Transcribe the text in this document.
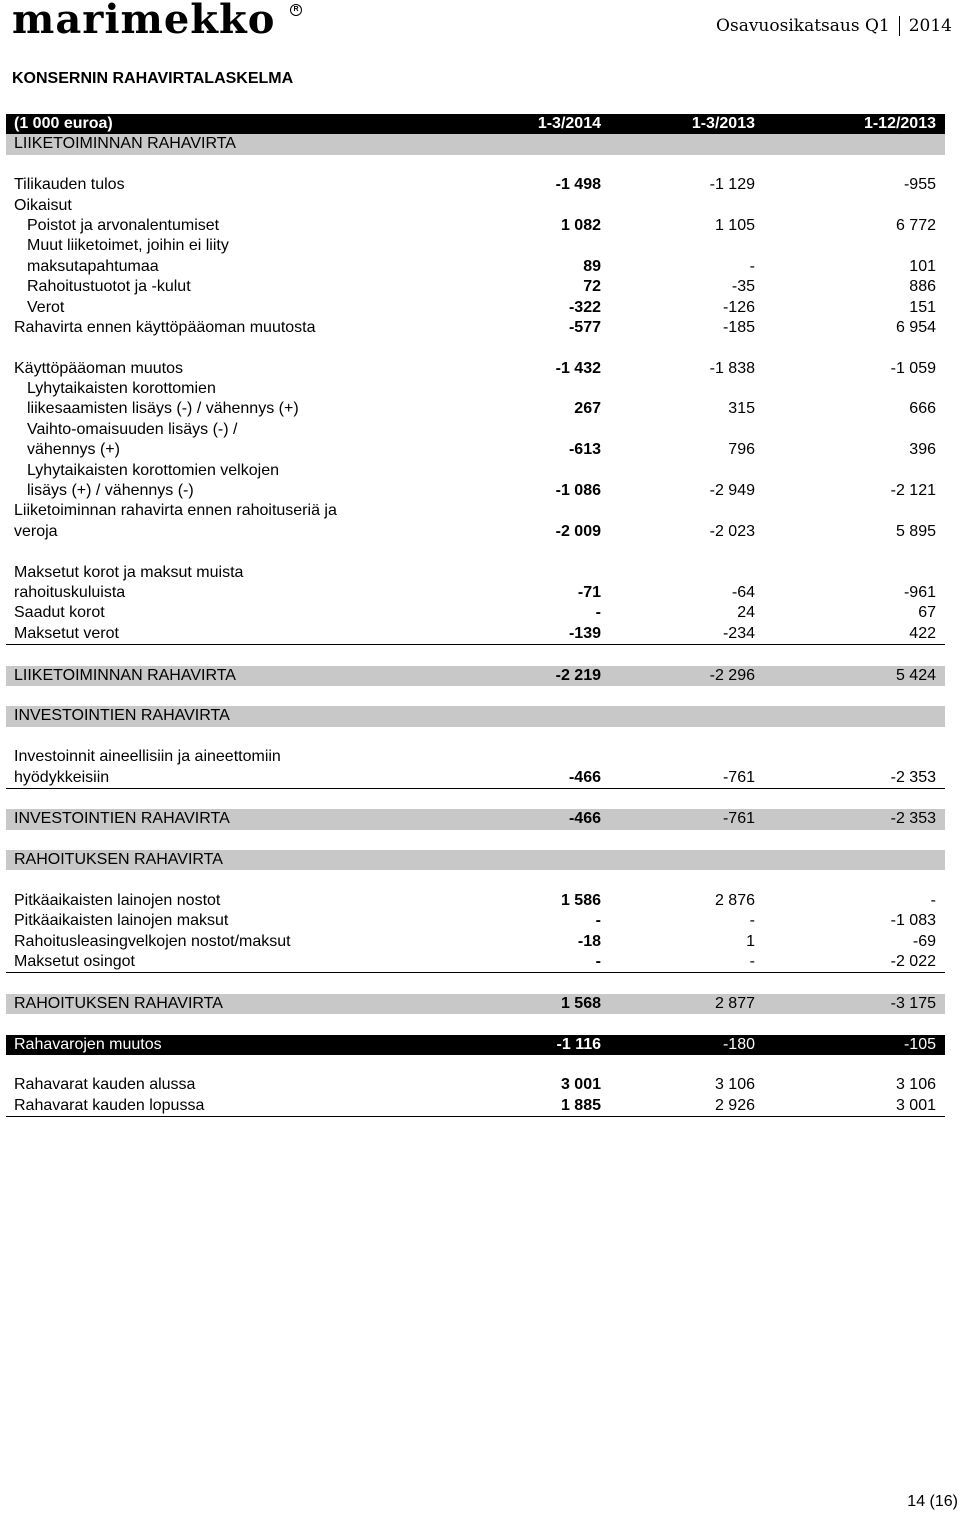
marimekko	R
Osavuosikatsaus Q1 2014
KONSERNIN RAHAVIRTALASKELMA
(1 000 euroa)	1-3/2014	1-3/2013	1-12/2013
LIIKETOIMINNAN RAHAVIRTA
Tilikauden tulos	-1 498	-1 129	-955
Oikaisut
Poistot ja arvonalentumiset	1 082	1 105	6 772
Muut liiketoimet, joihin ei liity
maksutapahtumaa	89	-	101
Rahoitustuotot ja -kulut	72	-35	886
Verot	-322	-126	151
Rahavirta ennen käyttöpääoman muutosta	-577	-185	6 954
Käyttöpääoman muutos	-1 432	-1 838	-1 059
Lyhytaikaisten korottomien
liikesaamisten lisäys (-) / vähennys (+)	267	315	666
Vaihto-omaisuuden lisäys (-) /
vähennys (+)	-613	796	396
Lyhytaikaisten korottomien velkojen
lisäys (+) / vähennys (-)	-1 086	-2 949	-2 121
Liiketoiminnan rahavirta ennen rahoituseriä ja
veroja	-2 009	-2 023	5 895
Maksetut korot ja maksut muista
rahoituskuluista	-71	-64	-961
Saadut korot	-	24	67
Maksetut verot	-139	-234	422
LIIKETOIMINNAN RAHAVIRTA	-2 219	-2 296	5 424
INVESTOINTIEN RAHAVIRTA
Investoinnit aineellisiin ja aineettomiin
hyödykkeisiin	-466	-761	-2 353
INVESTOINTIEN RAHAVIRTA	-466	-761	-2 353
RAHOITUKSEN RAHAVIRTA
Pitkäaikaisten lainojen nostot	1 586	2 876	-
Pitkäaikaisten lainojen maksut	-	-	-1 083
Rahoitusleasingvelkojen nostot/maksut	-18	1	-69
Maksetut osingot	-	-	-2 022
RAHOITUKSEN RAHAVIRTA	1 568	2 877	-3 175
Rahavarojen muutos	-1 116	-180	-105
Rahavarat kauden alussa	3 001	3 106	3 106
Rahavarat kauden lopussa	1 885	2 926	3 001
14 (16)
